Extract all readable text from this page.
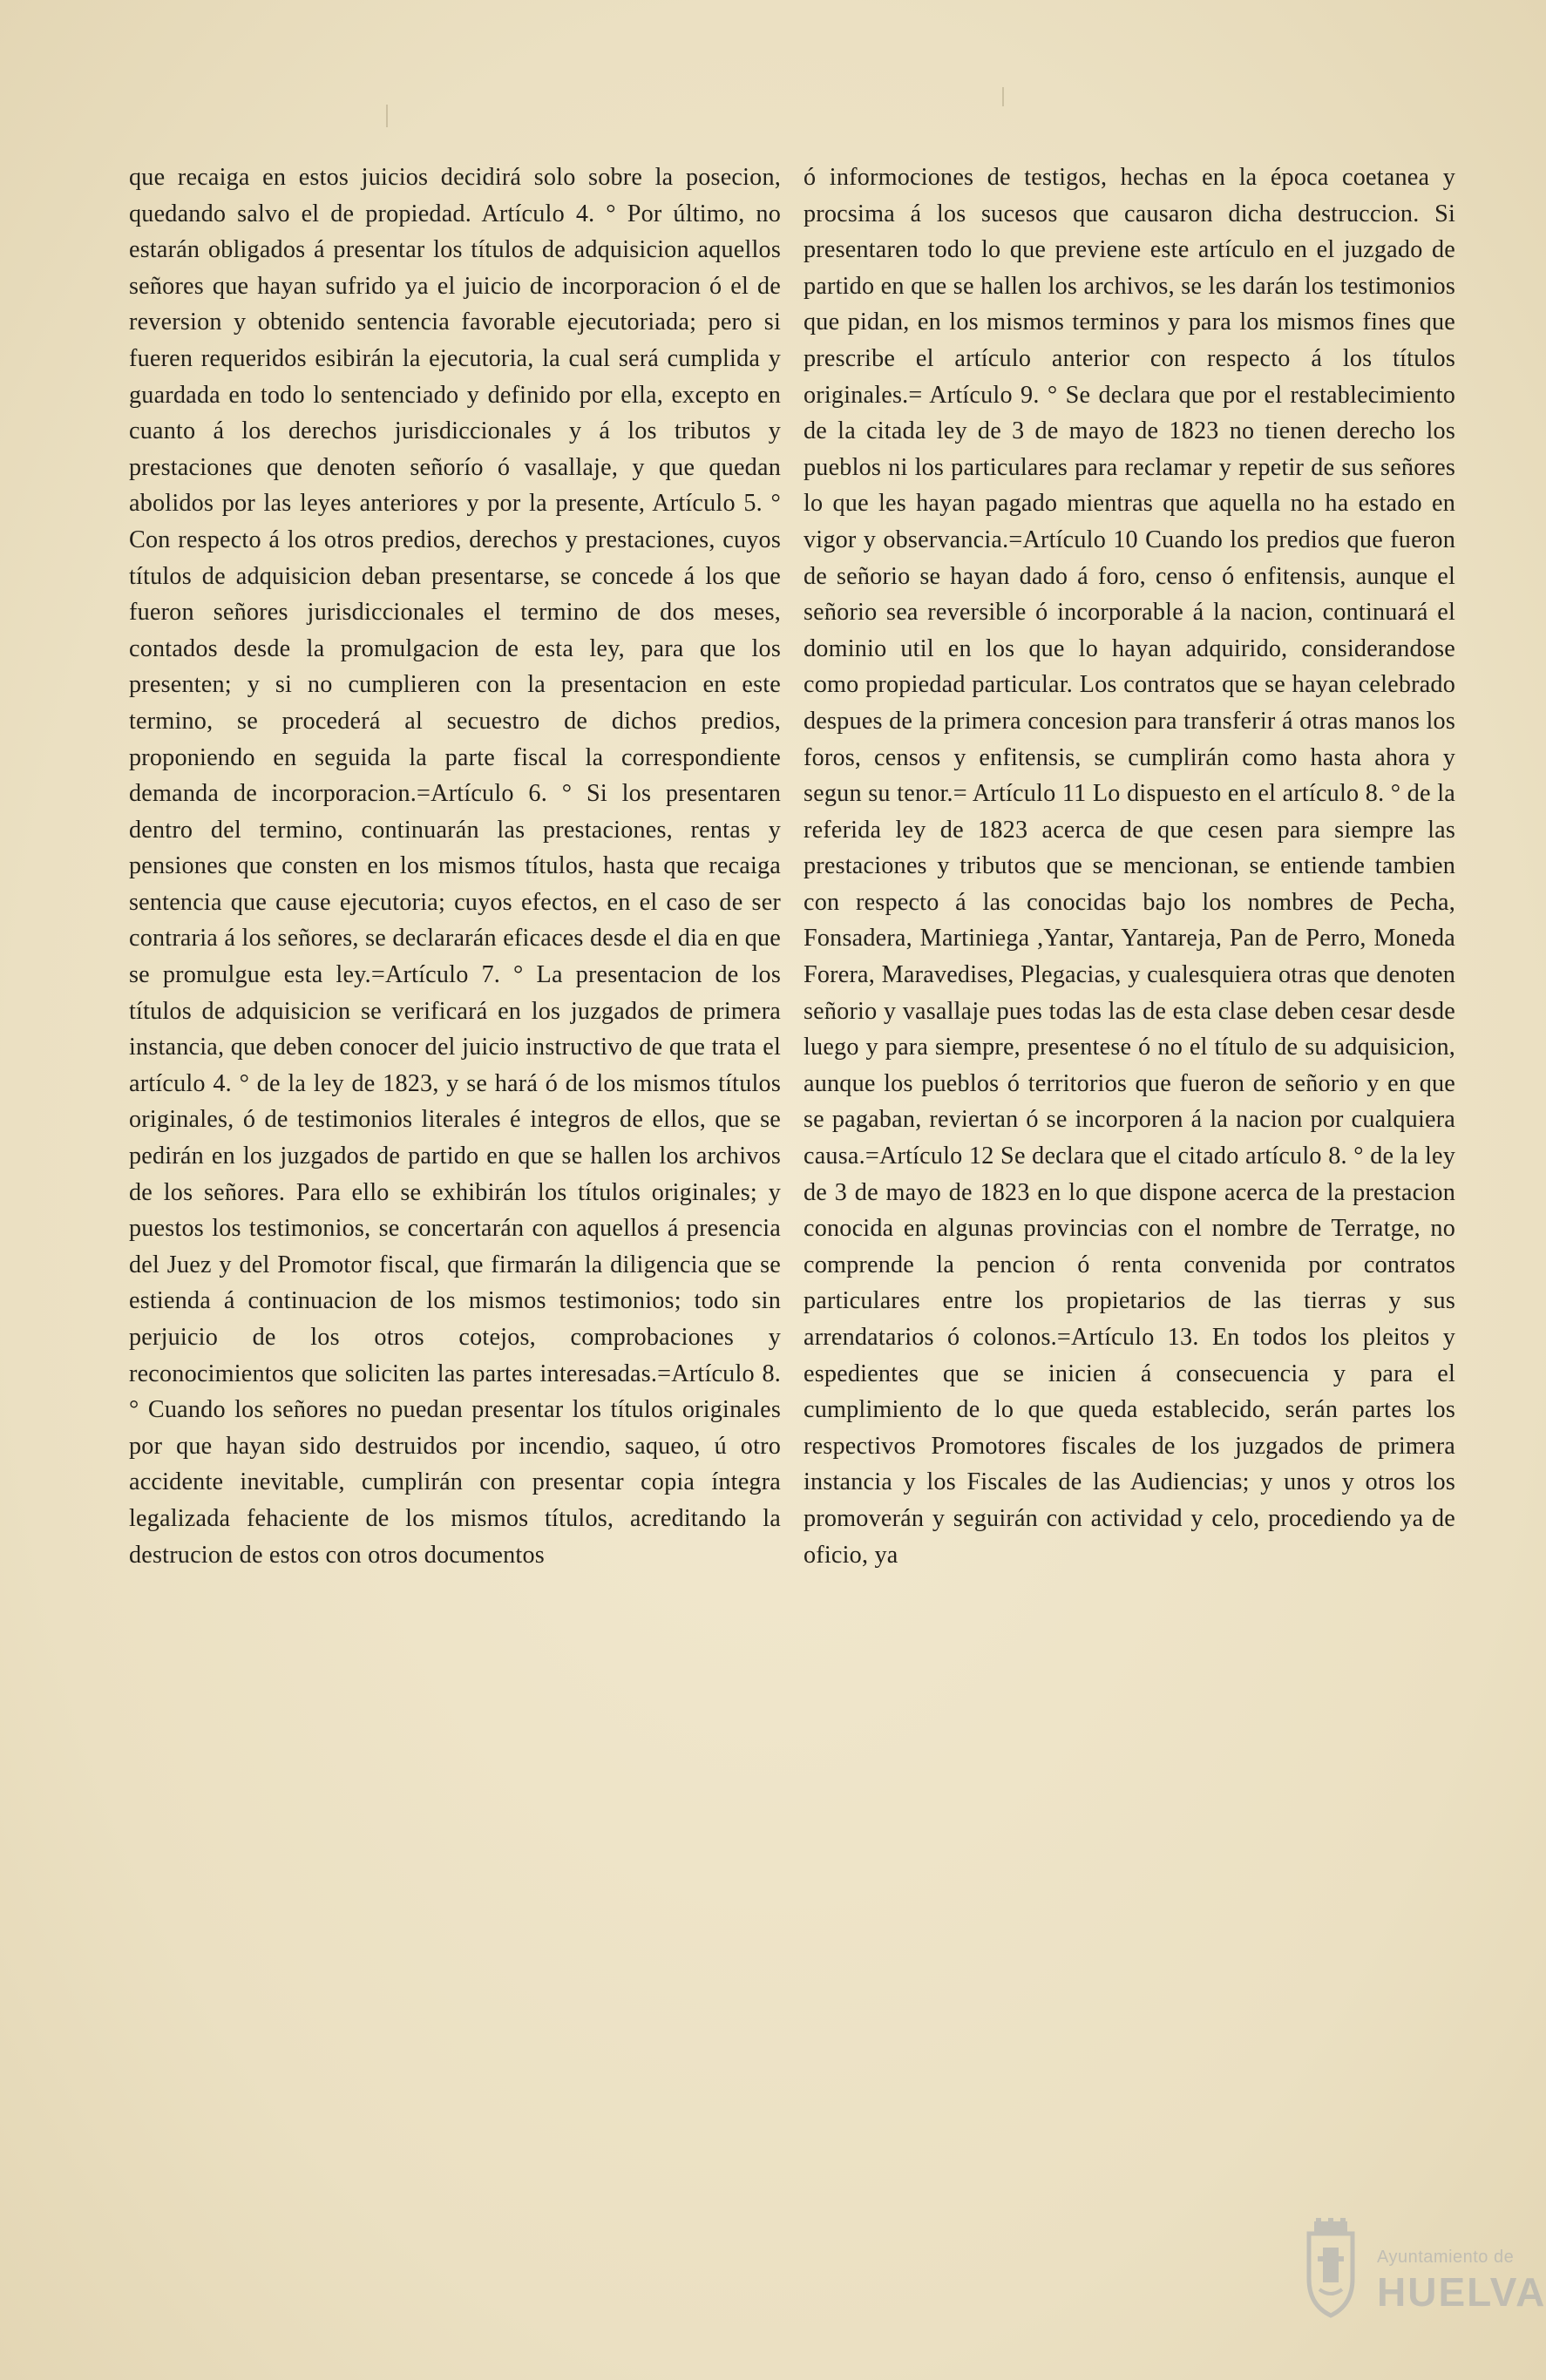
que recaiga en estos juicios decidirá solo sobre la posecion, quedando salvo el de propiedad. Artículo 4. ° Por último, no estarán obligados á presentar los títulos de adquisicion aquellos señores que hayan sufrido ya el juicio de incorporacion ó el de reversion y obtenido sentencia favorable ejecutoriada; pero si fueren requeridos esibirán la ejecutoria, la cual será cumplida y guardada en todo lo sentenciado y definido por ella, excepto en cuanto á los derechos jurisdiccionales y á los tributos y prestaciones que denoten señorío ó vasallaje, y que quedan abolidos por las leyes anteriores y por la presente, Artículo 5. ° Con respecto á los otros predios, derechos y prestaciones, cuyos títulos de adquisicion deban presentarse, se concede á los que fueron señores jurisdiccionales el termino de dos meses, contados desde la promulgacion de esta ley, para que los presenten; y si no cumplieren con la presentacion en este termino, se procederá al secuestro de dichos predios, proponiendo en seguida la parte fiscal la correspondiente demanda de incorporacion.=Artículo 6. ° Si los presentaren dentro del termino, continuarán las prestaciones, rentas y pensiones que consten en los mismos títulos, hasta que recaiga sentencia que cause ejecutoria; cuyos efectos, en el caso de ser contraria á los señores, se declararán eficaces desde el dia en que se promulgue esta ley.=Artículo 7. ° La presentacion de los títulos de adquisicion se verificará en los juzgados de primera instancia, que deben conocer del juicio instructivo de que trata el artículo 4. ° de la ley de 1823, y se hará ó de los mismos títulos originales, ó de testimonios literales é integros de ellos, que se pedirán en los juzgados de partido en que se hallen los archivos de los señores. Para ello se exhibirán los títulos originales; y puestos los testimonios, se concertarán con aquellos á presencia del Juez y del Promotor fiscal, que firmarán la diligencia que se estienda á continuacion de los mismos testimonios; todo sin perjuicio de los otros cotejos, comprobaciones y reconocimientos que soliciten las partes interesadas.=Artículo 8. ° Cuando los señores no puedan presentar los títulos originales por que hayan sido destruidos por incendio, saqueo, ú otro accidente inevitable, cumplirán con presentar copia íntegra legalizada fehaciente de los mismos títulos, acreditando la destrucion de estos con otros documentos

ó informociones de testigos, hechas en la época coetanea y procsima á los sucesos que causaron dicha destruccion. Si presentaren todo lo que previene este artículo en el juzgado de partido en que se hallen los archivos, se les darán los testimonios que pidan, en los mismos terminos y para los mismos fines que prescribe el artículo anterior con respecto á los títulos originales.= Artículo 9. ° Se declara que por el restablecimiento de la citada ley de 3 de mayo de 1823 no tienen derecho los pueblos ni los particulares para reclamar y repetir de sus señores lo que les hayan pagado mientras que aquella no ha estado en vigor y observancia.=Artículo 10 Cuando los predios que fueron de señorio se hayan dado á foro, censo ó enfitensis, aunque el señorio sea reversible ó incorporable á la nacion, continuará el dominio util en los que lo hayan adquirido, considerandose como propiedad particular. Los contratos que se hayan celebrado despues de la primera concesion para transferir á otras manos los foros, censos y enfitensis, se cumplirán como hasta ahora y segun su tenor.= Artículo 11 Lo dispuesto en el artículo 8. ° de la referida ley de 1823 acerca de que cesen para siempre las prestaciones y tributos que se mencionan, se entiende tambien con respecto á las conocidas bajo los nombres de Pecha, Fonsadera, Martiniega ,Yantar, Yantareja, Pan de Perro, Moneda Forera, Maravedises, Plegacias, y cualesquiera otras que denoten señorio y vasallaje pues todas las de esta clase deben cesar desde luego y para siempre, presentese ó no el título de su adquisicion, aunque los pueblos ó territorios que fueron de señorio y en que se pagaban, reviertan ó se incorporen á la nacion por cualquiera causa.=Artículo 12 Se declara que el citado artículo 8. ° de la ley de 3 de mayo de 1823 en lo que dispone acerca de la prestacion conocida en algunas provincias con el nombre de Terratge, no comprende la pencion ó renta convenida por contratos particulares entre los propietarios de las tierras y sus arrendatarios ó colonos.=Artículo 13. En todos los pleitos y espedientes que se inicien á consecuencia y para el cumplimiento de lo que queda establecido, serán partes los respectivos Promotores fiscales de los juzgados de primera instancia y los Fiscales de las Audiencias; y unos y otros los promoverán y seguirán con actividad y celo, procediendo ya de oficio, ya

Ayuntamiento de
HUELVA
